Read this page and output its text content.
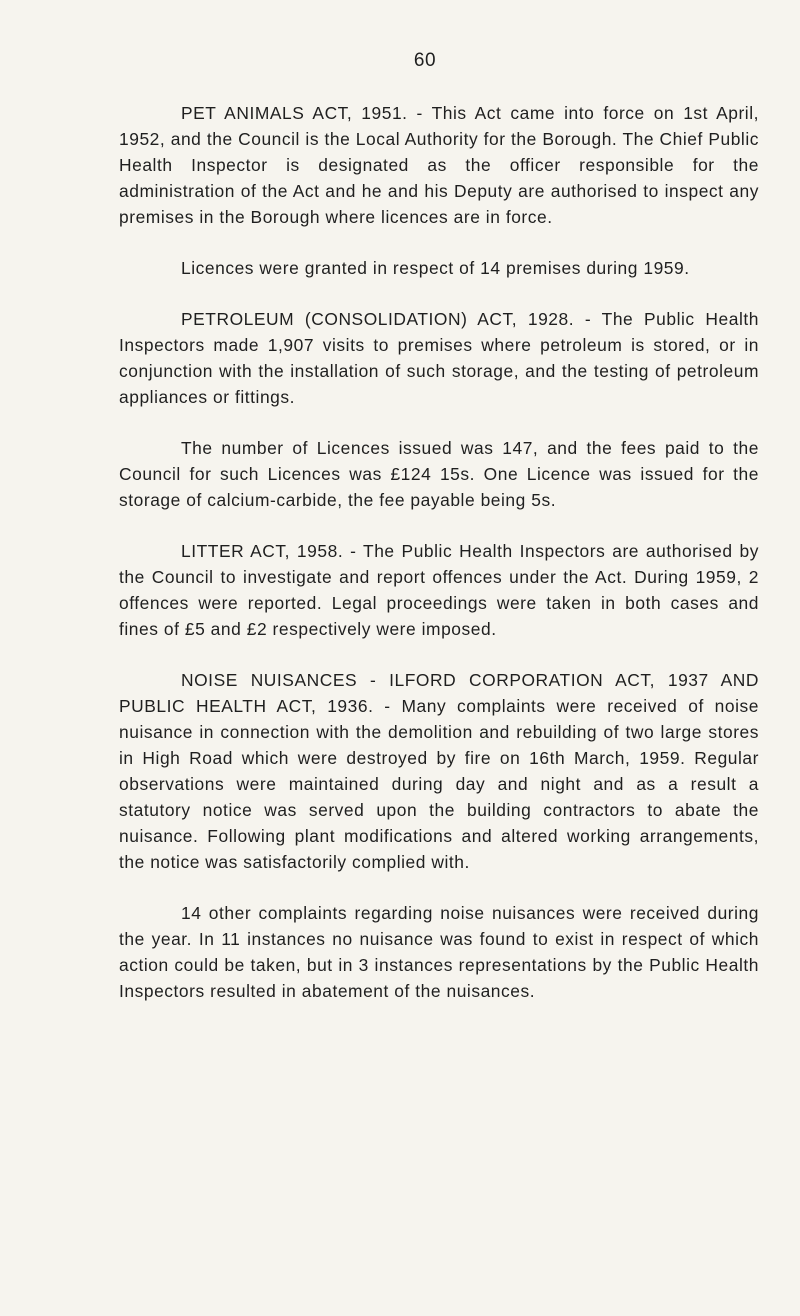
60

PET ANIMALS ACT, 1951. - This Act came into force on 1st April, 1952, and the Council is the Local Authority for the Borough. The Chief Public Health Inspector is designated as the officer responsible for the administration of the Act and he and his Deputy are authorised to inspect any premises in the Borough where licences are in force.

Licences were granted in respect of 14 premises during 1959.

PETROLEUM (CONSOLIDATION) ACT, 1928. - The Public Health Inspectors made 1,907 visits to premises where petroleum is stored, or in conjunction with the installation of such storage, and the testing of petroleum appliances or fittings.

The number of Licences issued was 147, and the fees paid to the Council for such Licences was £124 15s. One Licence was issued for the storage of calcium-carbide, the fee payable being 5s.

LITTER ACT, 1958. - The Public Health Inspectors are authorised by the Council to investigate and report offences under the Act. During 1959, 2 offences were reported. Legal proceedings were taken in both cases and fines of £5 and £2 respectively were imposed.

NOISE NUISANCES - ILFORD CORPORATION ACT, 1937 AND PUBLIC HEALTH ACT, 1936. - Many complaints were received of noise nuisance in connection with the demolition and rebuilding of two large stores in High Road which were destroyed by fire on 16th March, 1959. Regular observations were maintained during day and night and as a result a statutory notice was served upon the building contractors to abate the nuisance. Following plant modifications and altered working arrangements, the notice was satisfactorily complied with.

14 other complaints regarding noise nuisances were received during the year. In 11 instances no nuisance was found to exist in respect of which action could be taken, but in 3 instances representations by the Public Health Inspectors resulted in abatement of the nuisances.
